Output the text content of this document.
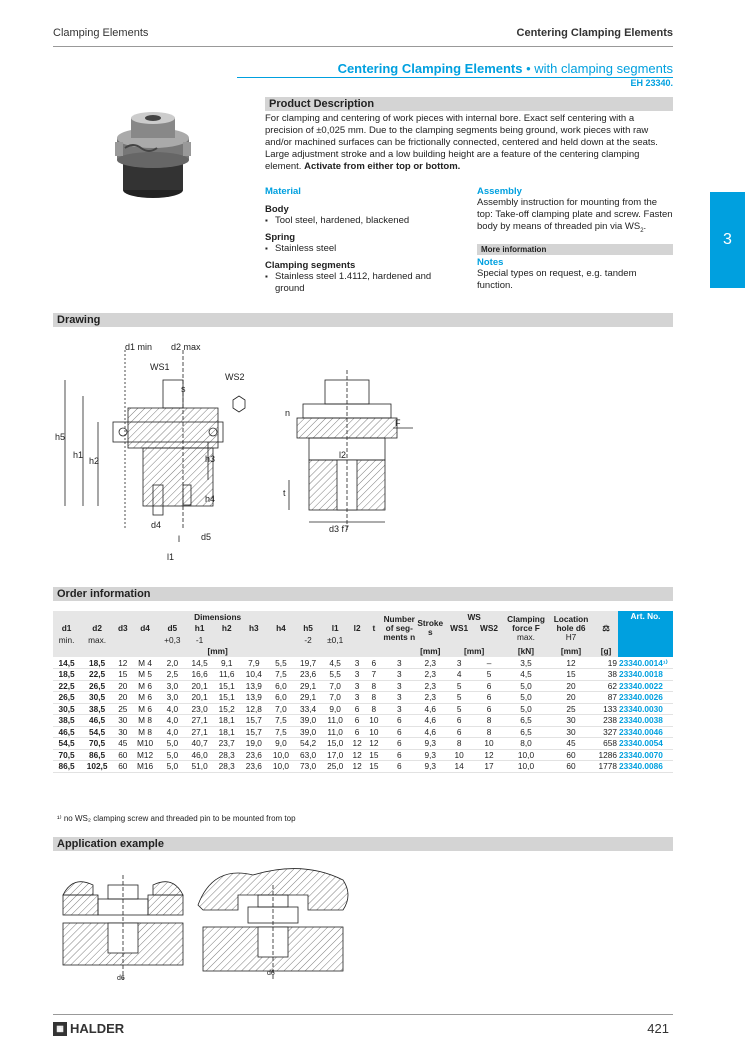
Clamping Elements	Centering Clamping Elements
Centering Clamping Elements • with clamping segments
EH 23340.
3
Product Description
For clamping and centering of work pieces with internal bore. Exact self centering with a precision of ±0,025 mm. Due to the clamping segments being ground, work pieces with raw and/or machined surfaces can be frictionally connected, centered and held down at the seats. Large adjustment stroke and a low building height are a feature of the centering clamping element. Activate from either top or bottom.
Material
Body
▪ Tool steel, hardened, blackened
Spring
▪ Stainless steel
Clamping segments
▪ Stainless steel 1.4112, hardened and ground
Assembly
Assembly instruction for mounting from the top: Take-off clamping plate and screw. Fasten body by means of threaded pin via $WS_2$.
More information
Notes
Special types on request, e.g. tandem function.
Drawing
d1 min d2 max
WS1
WS2
s
h5
h1
h2	h3
h4
d4
d5
l
l1
n
F
l2
t
d3 f7
Order information
Dimensions													Number of seg- ments n	Stroke s	WS		Clamping force F
max.	Location hole d6
H7	⚖	Art. No.
d1	d2	d3	d4	d5	h1	h2	h3	h4	h5	l1	l2	t			WS1	WS2				
min.	max.			+0,3	-1				-2	±0,1										
[mm]														[mm]	[mm]		[kN]	[mm]	[g]	
14,5	18,5	12	M 4	2,0	14,5	9,1	7,9	5,5	19,7	4,5	3	6	3	2,3	3	–	3,5	12	19	23340.0014¹⁾
18,5	22,5	15	M 5	2,5	16,6	11,6	10,4	7,5	23,6	5,5	3	7	3	2,3	4	5	4,5	15	38	23340.0018
22,5	26,5	20	M 6	3,0	20,1	15,1	13,9	6,0	29,1	7,0	3	8	3	2,3	5	6	5,0	20	62	23340.0022
26,5	30,5	20	M 6	3,0	20,1	15,1	13,9	6,0	29,1	7,0	3	8	3	2,3	5	6	5,0	20	87	23340.0026
30,5	38,5	25	M 6	4,0	23,0	15,2	12,8	7,0	33,4	9,0	6	8	3	4,6	5	6	5,0	25	133	23340.0030
38,5	46,5	30	M 8	4,0	27,1	18,1	15,7	7,5	39,0	11,0	6	10	6	4,6	6	8	6,5	30	238	23340.0038
46,5	54,5	30	M 8	4,0	27,1	18,1	15,7	7,5	39,0	11,0	6	10	6	4,6	6	8	6,5	30	327	23340.0046
54,5	70,5	45	M10	5,0	40,7	23,7	19,0	9,0	54,2	15,0	12	12	6	9,3	8	10	8,0	45	658	23340.0054
70,5	86,5	60	M12	5,0	46,0	28,3	23,6	10,0	63,0	17,0	12	15	6	9,3	10	12	10,0	60	1286	23340.0070
86,5	102,5	60	M16	5,0	51,0	28,3	23,6	10,0	73,0	25,0	12	15	6	9,3	14	17	10,0	60	1778	23340.0086
¹⁾ no WS₂ clamping screw and threaded pin to be mounted from top
Application example
d6
d6
▦ HALDER	421
